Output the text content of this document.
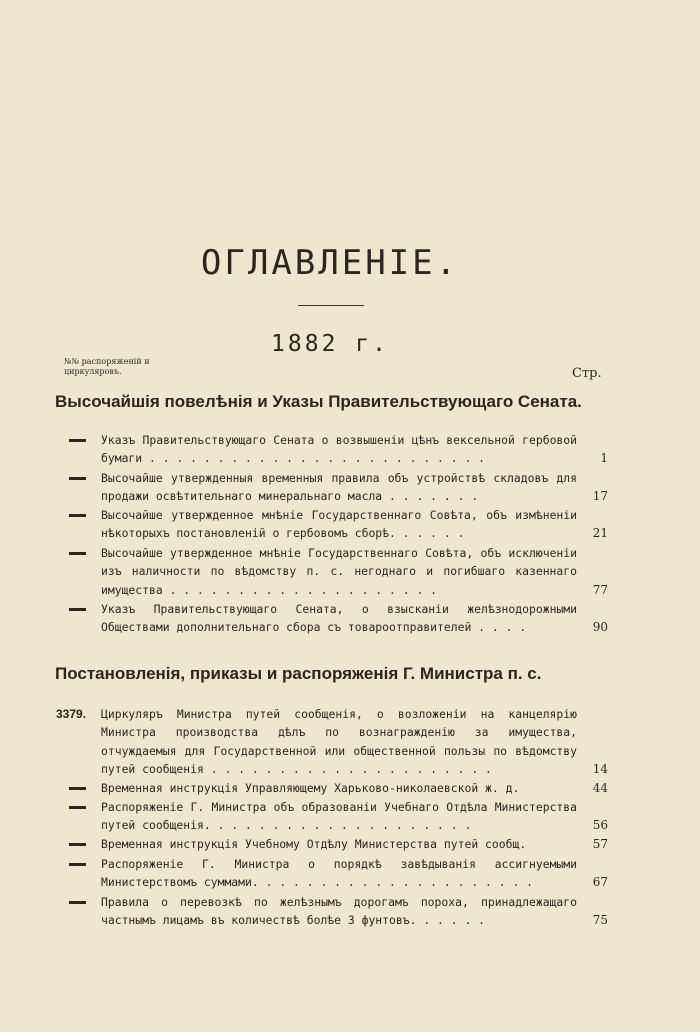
ОГЛАВЛЕНІЕ.
1882 г.
№№ распоряженій и циркуляровъ.	Стр.
Высочайшія повелѣнія и Указы Правительствующаго Сената.
Указъ Правительствующаго Сената о возвышеніи цѣнъ вексельной гербовой бумаги . . . . . . . . . . . . . . . . . . . . . . . . .	1
Высочайше утвержденныя временныя правила объ устройствѣ складовъ для продажи освѣтительнаго минеральнаго масла . . . . . . .	17
Высочайше утвержденное мнѣніе Государственнаго Совѣта, объ измѣненіи нѣкоторыхъ постановленій о гербовомъ сборѣ. . . . . .	21
Высочайше утвержденное мнѣніе Государственнаго Совѣта, объ исключеніи изъ наличности по вѣдомству п. с. негоднаго и погибшаго казеннаго имущества . . . . . . . . . . . . . . . . . . . .	77
Указъ Правительствующаго Сената, о взысканіи желѣзнодорожными Обществами дополнительнаго сбора съ товароотправителей . . . .	90
Постановленія, приказы и распоряженія Г. Министра п. с.
3379.	Циркуляръ Министра путей сообщенія, о возложеніи на канцелярію Министра производства дѣлъ по вознагражденію за имущества, отчуждаемыя для Государственной или общественной пользы по вѣдомству путей сообщенія . . . . . . . . . . . . . . . . . . . . .	14
Временная инструкція Управляющему Харьково-николаевской ж. д.	44
Распоряженіе Г. Министра объ образованіи Учебнаго Отдѣла Министерства путей сообщенія. . . . . . . . . . . . . . . . . . . .	56
Временная инструкція Учебному Отдѣлу Министерства путей сообщ.	57
Распоряженіе Г. Министра о порядкѣ завѣдыванія ассигнуемыми Министерствомъ суммами. . . . . . . . . . . . . . . . . . . . .	67
Правила о перевозкѣ по желѣзнымъ дорогамъ пороха, принадлежащаго частнымъ лицамъ въ количествѣ болѣе 3 фунтовъ. . . . . .	75
